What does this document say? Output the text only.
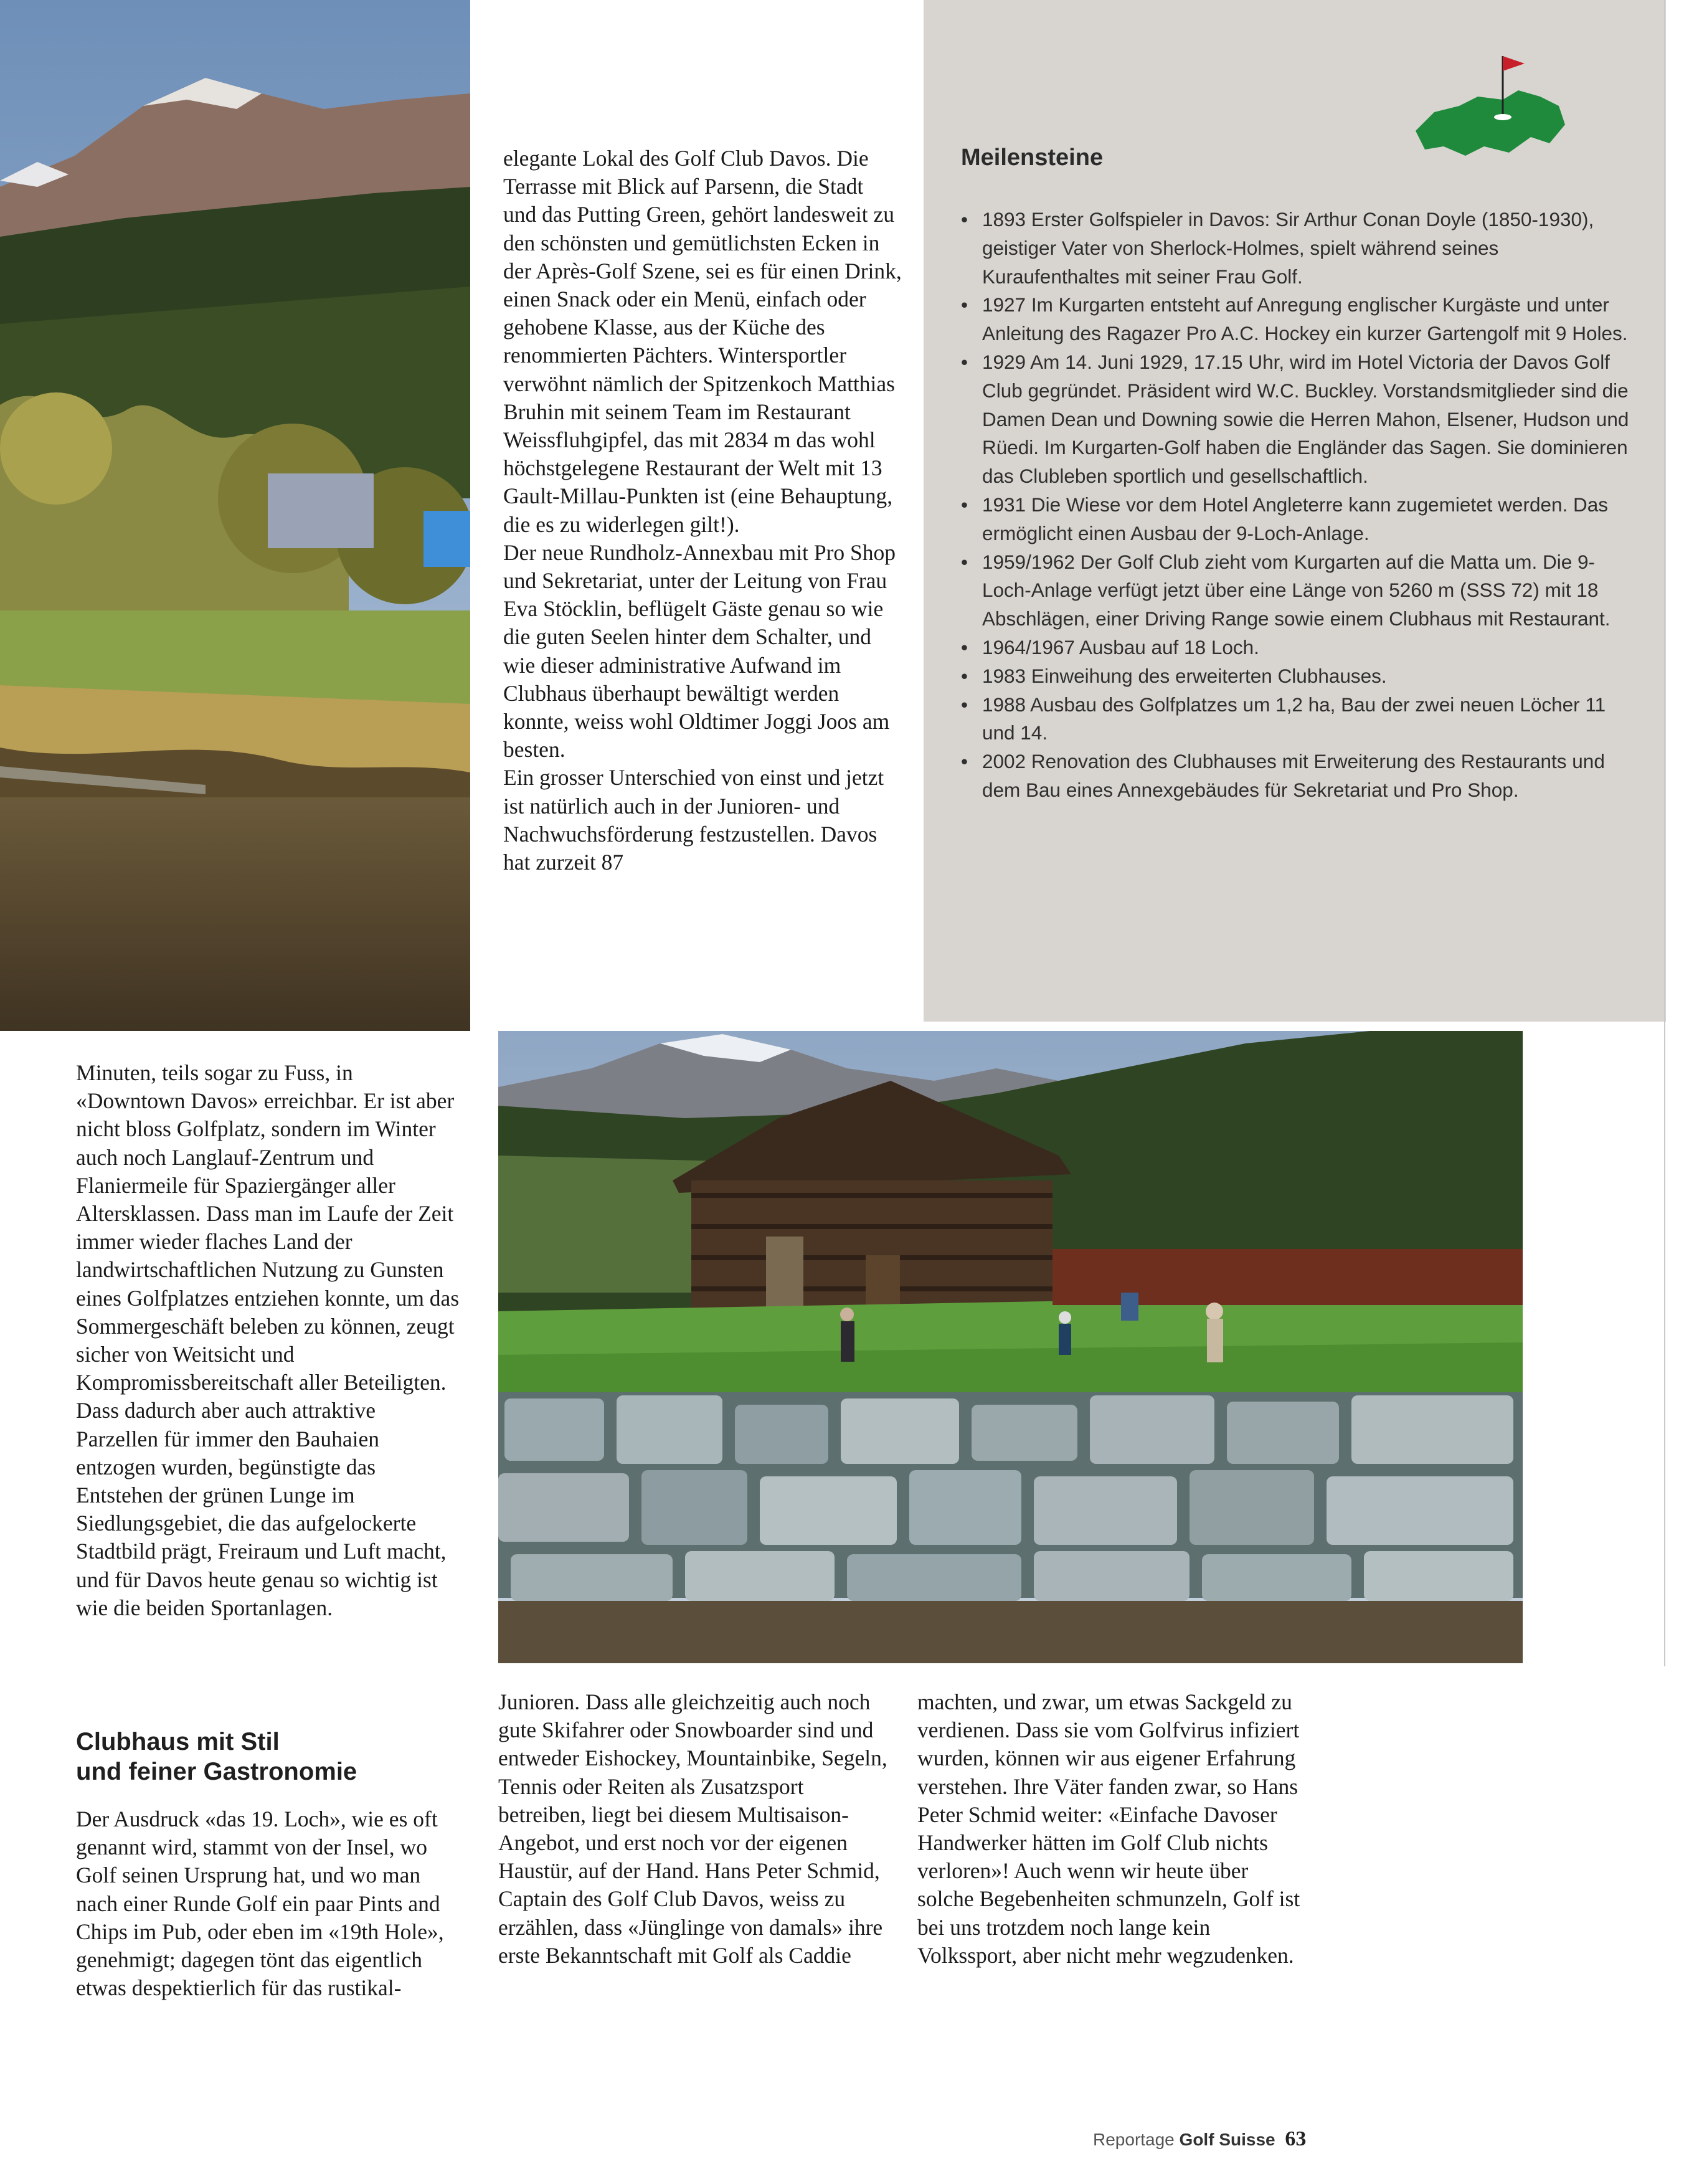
elegante Lokal des Golf Club Davos. Die Terrasse mit Blick auf Parsenn, die Stadt und das Putting Green, gehört landesweit zu den schönsten und gemütlichsten Ecken in der Après-Golf Szene, sei es für einen Drink, einen Snack oder ein Menü, einfach oder gehobene Klasse, aus der Küche des renommierten Pächters. Wintersportler verwöhnt nämlich der Spitzenkoch Matthias Bruhin mit seinem Team im Restaurant Weissfluhgipfel, das mit 2834 m das wohl höchstgelegene Restaurant der Welt mit 13 Gault-Millau-Punkten ist (eine Behauptung, die es zu widerlegen gilt!).

Der neue Rundholz-Annexbau mit Pro Shop und Sekretariat, unter der Leitung von Frau Eva Stöcklin, beflügelt Gäste genau so wie die guten Seelen hinter dem Schalter, und wie dieser administrative Aufwand im Clubhaus überhaupt bewältigt werden konnte, weiss wohl Oldtimer Joggi Joos am besten.

Ein grosser Unterschied von einst und jetzt ist natürlich auch in der Junioren- und Nachwuchsförderung festzustellen. Davos hat zurzeit 87

Meilensteine
• 1893 Erster Golfspieler in Davos: Sir Arthur Conan Doyle (1850-1930), geistiger Vater von Sherlock-Holmes, spielt während seines Kuraufenthaltes mit seiner Frau Golf.
• 1927 Im Kurgarten entsteht auf Anregung englischer Kurgäste und unter Anleitung des Ragazer Pro A.C. Hockey ein kurzer Gartengolf mit 9 Holes.
• 1929 Am 14. Juni 1929, 17.15 Uhr, wird im Hotel Victoria der Davos Golf Club gegründet. Präsident wird W.C. Buckley. Vorstandsmitglieder sind die Damen Dean und Downing sowie die Herren Mahon, Elsener, Hudson und Rüedi. Im Kurgarten-Golf haben die Engländer das Sagen. Sie dominieren das Clubleben sportlich und gesellschaftlich.
• 1931 Die Wiese vor dem Hotel Angleterre kann zugemietet werden. Das ermöglicht einen Ausbau der 9-Loch-Anlage.
• 1959/1962 Der Golf Club zieht vom Kurgarten auf die Matta um. Die 9-Loch-Anlage verfügt jetzt über eine Länge von 5260 m (SSS 72) mit 18 Abschlägen, einer Driving Range sowie einem Clubhaus mit Restaurant.
• 1964/1967 Ausbau auf 18 Loch.
• 1983 Einweihung des erweiterten Clubhauses.
• 1988 Ausbau des Golfplatzes um 1,2 ha, Bau der zwei neuen Löcher 11 und 14.
• 2002 Renovation des Clubhauses mit Erweiterung des Restaurants und dem Bau eines Annexgebäudes für Sekretariat und Pro Shop.

Minuten, teils sogar zu Fuss, in «Downtown Davos» erreichbar. Er ist aber nicht bloss Golfplatz, sondern im Winter auch noch Langlauf-Zentrum und Flaniermeile für Spaziergänger aller Altersklassen. Dass man im Laufe der Zeit immer wieder flaches Land der landwirtschaftlichen Nutzung zu Gunsten eines Golfplatzes entziehen konnte, um das Sommergeschäft beleben zu können, zeugt sicher von Weitsicht und Kompromissbereitschaft aller Beteiligten. Dass dadurch aber auch attraktive Parzellen für immer den Bauhaien entzogen wurden, begünstigte das Entstehen der grünen Lunge im Siedlungsgebiet, die das aufgelockerte Stadtbild prägt, Freiraum und Luft macht, und für Davos heute genau so wichtig ist wie die beiden Sportanlagen.

Clubhaus mit Stil
und feiner Gastronomie

Der Ausdruck «das 19. Loch», wie es oft genannt wird, stammt von der Insel, wo Golf seinen Ursprung hat, und wo man nach einer Runde Golf ein paar Pints and Chips im Pub, oder eben im «19th Hole», genehmigt; dagegen tönt das eigentlich etwas despektierlich für das rustikal-

Junioren. Dass alle gleichzeitig auch noch gute Skifahrer oder Snowboarder sind und entweder Eishockey, Mountainbike, Segeln, Tennis oder Reiten als Zusatzsport betreiben, liegt bei diesem Multisaison-Angebot, und erst noch vor der eigenen Haustür, auf der Hand. Hans Peter Schmid, Captain des Golf Club Davos, weiss zu erzählen, dass «Jünglinge von damals» ihre erste Bekanntschaft mit Golf als Caddie

machten, und zwar, um etwas Sackgeld zu verdienen. Dass sie vom Golfvirus infiziert wurden, können wir aus eigener Erfahrung verstehen. Ihre Väter fanden zwar, so Hans Peter Schmid weiter: «Einfache Davoser Handwerker hätten im Golf Club nichts verloren»! Auch wenn wir heute über solche Begebenheiten schmunzeln, Golf ist bei uns trotzdem noch lange kein Volkssport, aber nicht mehr wegzudenken.

Reportage Golf Suisse 63
